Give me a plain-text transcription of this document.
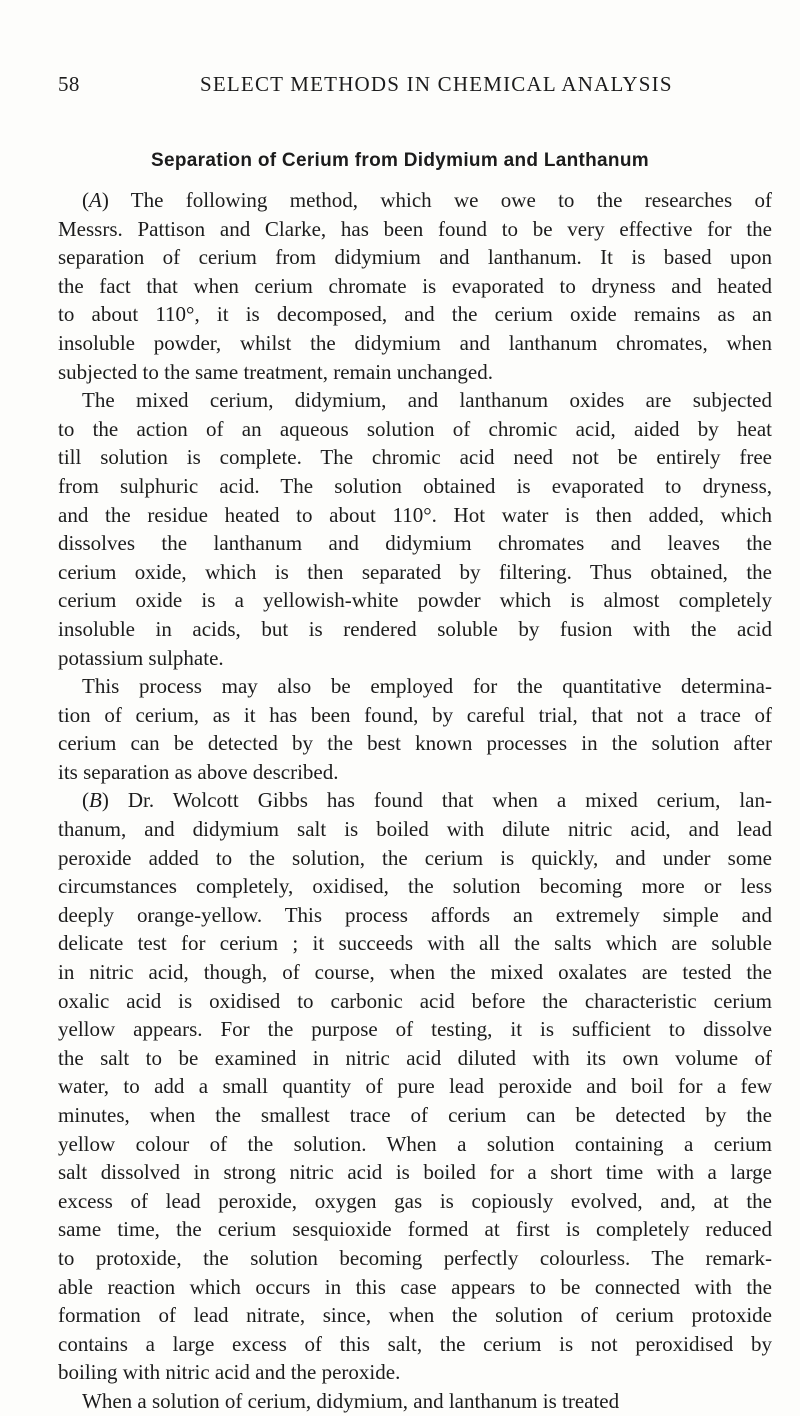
58	SELECT METHODS IN CHEMICAL ANALYSIS
Separation of Cerium from Didymium and Lanthanum
(A) The following method, which we owe to the researches of
Messrs. Pattison and Clarke, has been found to be very effective for the
separation of cerium from didymium and lanthanum. It is based upon
the fact that when cerium chromate is evaporated to dryness and heated
to about 110°, it is decomposed, and the cerium oxide remains as an
insoluble powder, whilst the didymium and lanthanum chromates, when
subjected to the same treatment, remain unchanged.
The mixed cerium, didymium, and lanthanum oxides are subjected
to the action of an aqueous solution of chromic acid, aided by heat
till solution is complete. The chromic acid need not be entirely free
from sulphuric acid. The solution obtained is evaporated to dryness,
and the residue heated to about 110°. Hot water is then added, which
dissolves the lanthanum and didymium chromates and leaves the
cerium oxide, which is then separated by filtering. Thus obtained, the
cerium oxide is a yellowish-white powder which is almost completely
insoluble in acids, but is rendered soluble by fusion with the acid
potassium sulphate.
This process may also be employed for the quantitative determina-
tion of cerium, as it has been found, by careful trial, that not a trace of
cerium can be detected by the best known processes in the solution after
its separation as above described.
(B) Dr. Wolcott Gibbs has found that when a mixed cerium, lan-
thanum, and didymium salt is boiled with dilute nitric acid, and lead
peroxide added to the solution, the cerium is quickly, and under some
circumstances completely, oxidised, the solution becoming more or less
deeply orange-yellow. This process affords an extremely simple and
delicate test for cerium ; it succeeds with all the salts which are soluble
in nitric acid, though, of course, when the mixed oxalates are tested the
oxalic acid is oxidised to carbonic acid before the characteristic cerium
yellow appears. For the purpose of testing, it is sufficient to dissolve
the salt to be examined in nitric acid diluted with its own volume of
water, to add a small quantity of pure lead peroxide and boil for a few
minutes, when the smallest trace of cerium can be detected by the
yellow colour of the solution. When a solution containing a cerium
salt dissolved in strong nitric acid is boiled for a short time with a large
excess of lead peroxide, oxygen gas is copiously evolved, and, at the
same time, the cerium sesquioxide formed at first is completely reduced
to protoxide, the solution becoming perfectly colourless. The remark-
able reaction which occurs in this case appears to be connected with the
formation of lead nitrate, since, when the solution of cerium protoxide
contains a large excess of this salt, the cerium is not peroxidised by
boiling with nitric acid and the peroxide.
When a solution of cerium, didymium, and lanthanum is treated
